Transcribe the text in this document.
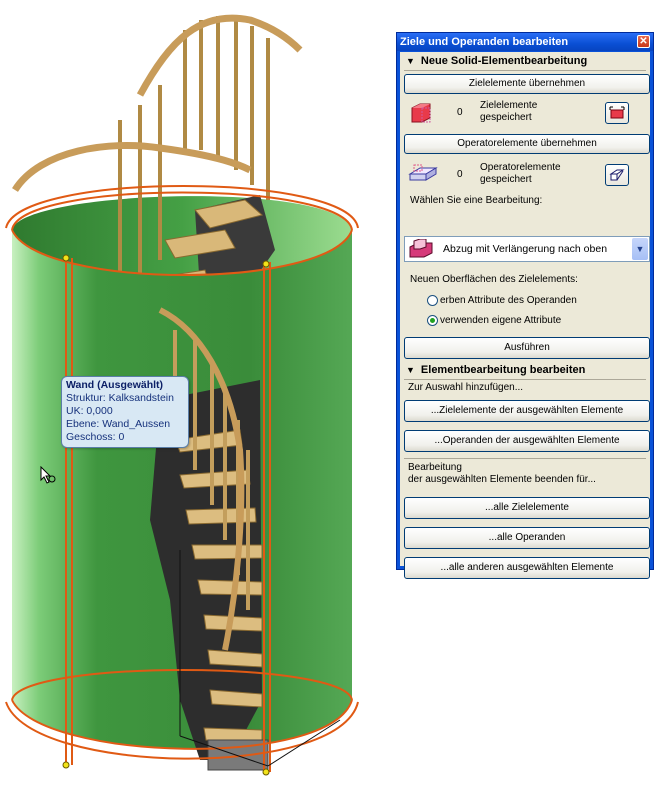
Wand (Ausgewählt)
Struktur: Kalksandstein
UK: 0,000
Ebene: Wand_Aussen
Geschoss: 0
Ziele und Operanden bearbeiten	✕
▼ Neue Solid-Elementbearbeitung
Zielelemente übernehmen
0
Zielelemente
gespeichert
Operatorelemente übernehmen
0
Operatorelemente
gespeichert
Wählen Sie eine Bearbeitung:
Abzug mit Verlängerung nach oben	▼
Neuen Oberflächen des Zielelements:
erben Attribute des Operanden
verwenden eigene Attribute
Ausführen
▼ Elementbearbeitung bearbeiten
Zur Auswahl hinzufügen...
...Zielelemente der ausgewählten Elemente
...Operanden der ausgewählten Elemente
Bearbeitung
der ausgewählten Elemente beenden für...
...alle Zielelemente
...alle Operanden
...alle anderen ausgewählten Elemente
